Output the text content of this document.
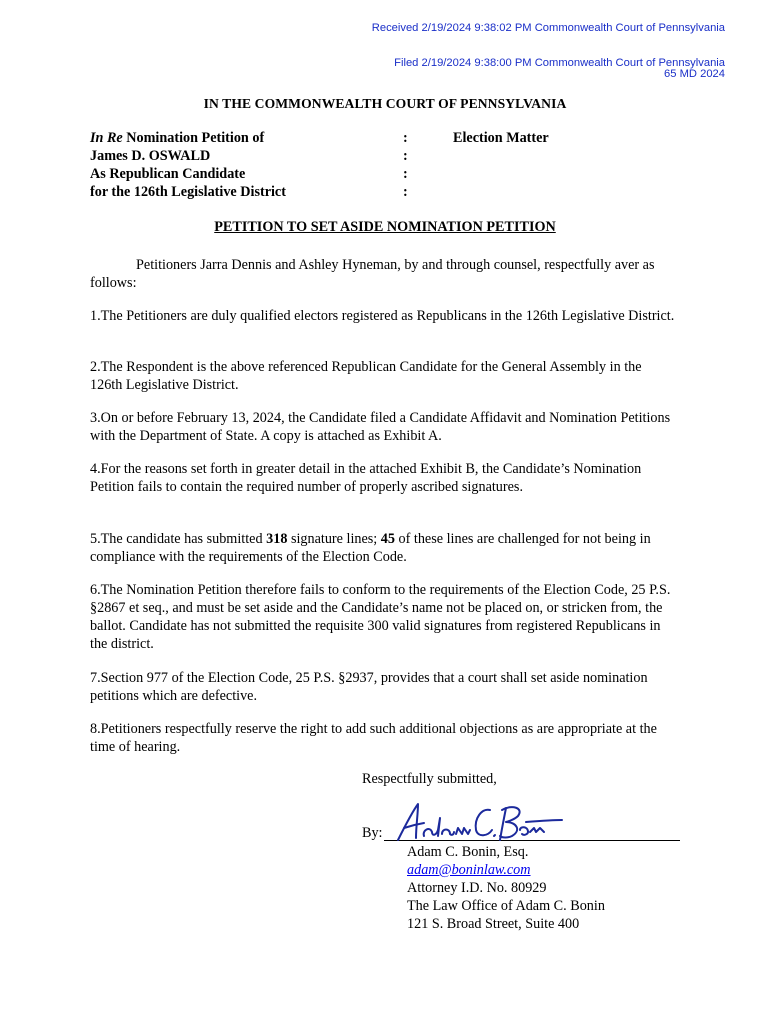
Received 2/19/2024 9:38:02 PM Commonwealth Court of Pennsylvania
Filed 2/19/2024 9:38:00 PM Commonwealth Court of Pennsylvania
65 MD 2024
IN THE COMMONWEALTH COURT OF PENNSYLVANIA
In Re Nomination Petition of
James D. OSWALD
As Republican Candidate
for the 126th Legislative District
:
:
:
:
Election Matter
PETITION TO SET ASIDE NOMINATION PETITION
Petitioners Jarra Dennis and Ashley Hyneman, by and through counsel, respectfully aver as follows:
1.The Petitioners are duly qualified electors registered as Republicans in the 126th Legislative District.
2.The Respondent is the above referenced Republican Candidate for the General Assembly in the 126th Legislative District.
3.On or before February 13, 2024, the Candidate filed a Candidate Affidavit and Nomination Petitions with the Department of State. A copy is attached as Exhibit A.
4.For the reasons set forth in greater detail in the attached Exhibit B, the Candidate’s Nomination Petition fails to contain the required number of properly ascribed signatures.
5.The candidate has submitted 318 signature lines; 45 of these lines are challenged for not being in compliance with the requirements of the Election Code.
6.The Nomination Petition therefore fails to conform to the requirements of the Election Code, 25 P.S. §2867 et seq., and must be set aside and the Candidate’s name not be placed on, or stricken from, the ballot. Candidate has not submitted the requisite 300 valid signatures from registered Republicans in the district.
7.Section 977 of the Election Code, 25 P.S. §2937, provides that a court shall set aside nomination petitions which are defective.
8.Petitioners respectfully reserve the right to add such additional objections as are appropriate at the time of hearing.
Respectfully submitted,
By:
Adam C. Bonin, Esq.
adam@boninlaw.com
Attorney I.D. No. 80929
The Law Office of Adam C. Bonin
121 S. Broad Street, Suite 400
